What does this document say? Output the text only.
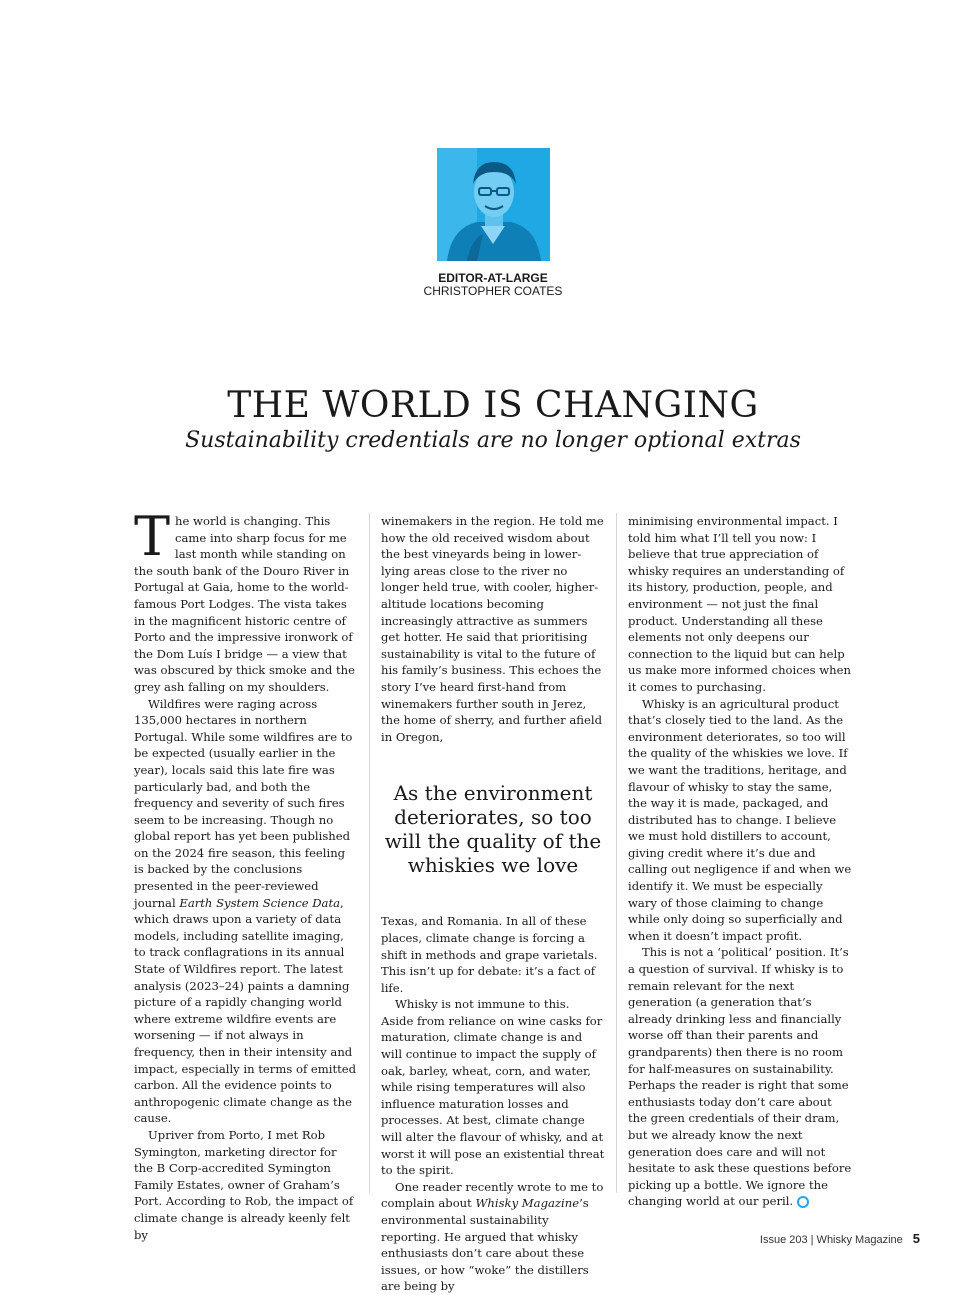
EDITOR-AT-LARGE
CHRISTOPHER COATES
THE WORLD IS CHANGING

Sustainability credentials are no longer optional extras

The world is changing. This came into sharp focus for me last month while standing on the south bank of the Douro River in Portugal at Gaia, home to the world-famous Port Lodges. The vista takes in the magnificent historic centre of Porto and the impressive ironwork of the Dom Luís I bridge — a view that was obscured by thick smoke and the grey ash falling on my shoulders.

Wildfires were raging across 135,000 hectares in northern Portugal. While some wildfires are to be expected (usually earlier in the year), locals said this late fire was particularly bad, and both the frequency and severity of such fires seem to be increasing. Though no global report has yet been published on the 2024 fire season, this feeling is backed by the conclusions presented in the peer-reviewed journal Earth System Science Data, which draws upon a variety of data models, including satellite imaging, to track conflagrations in its annual State of Wildfires report. The latest analysis (2023–24) paints a damning picture of a rapidly changing world where extreme wildfire events are worsening — if not always in frequency, then in their intensity and impact, especially in terms of emitted carbon. All the evidence points to anthropogenic climate change as the cause.

Upriver from Porto, I met Rob Symington, marketing director for the B Corp-accredited Symington Family Estates, owner of Graham’s Port. According to Rob, the impact of climate change is already keenly felt by

winemakers in the region. He told me how the old received wisdom about the best vineyards being in lower-lying areas close to the river no longer held true, with cooler, higher-altitude locations becoming increasingly attractive as summers get hotter. He said that prioritising sustainability is vital to the future of his family’s business. This echoes the story I’ve heard first-hand from winemakers further south in Jerez, the home of sherry, and further afield in Oregon,

As the environment deteriorates, so too will the quality of the whiskies we love

Texas, and Romania. In all of these places, climate change is forcing a shift in methods and grape varietals. This isn’t up for debate: it’s a fact of life.

Whisky is not immune to this. Aside from reliance on wine casks for maturation, climate change is and will continue to impact the supply of oak, barley, wheat, corn, and water, while rising temperatures will also influence maturation losses and processes. At best, climate change will alter the flavour of whisky, and at worst it will pose an existential threat to the spirit.

One reader recently wrote to me to complain about Whisky Magazine’s environmental sustainability reporting. He argued that whisky enthusiasts don’t care about these issues, or how “woke” the distillers are being by

minimising environmental impact. I told him what I’ll tell you now: I believe that true appreciation of whisky requires an understanding of its history, production, people, and environment — not just the final product. Understanding all these elements not only deepens our connection to the liquid but can help us make more informed choices when it comes to purchasing.

Whisky is an agricultural product that’s closely tied to the land. As the environment deteriorates, so too will the quality of the whiskies we love. If we want the traditions, heritage, and flavour of whisky to stay the same, the way it is made, packaged, and distributed has to change. I believe we must hold distillers to account, giving credit where it’s due and calling out negligence if and when we identify it. We must be especially wary of those claiming to change while only doing so superficially and when it doesn’t impact profit.

This is not a ‘political’ position. It’s a question of survival. If whisky is to remain relevant for the next generation (a generation that’s already drinking less and financially worse off than their parents and grandparents) then there is no room for half-measures on sustainability. Perhaps the reader is right that some enthusiasts today don’t care about the green credentials of their dram, but we already know the next generation does care and will not hesitate to ask these questions before picking up a bottle. We ignore the changing world at our peril.

Issue 203 | Whisky Magazine 5
